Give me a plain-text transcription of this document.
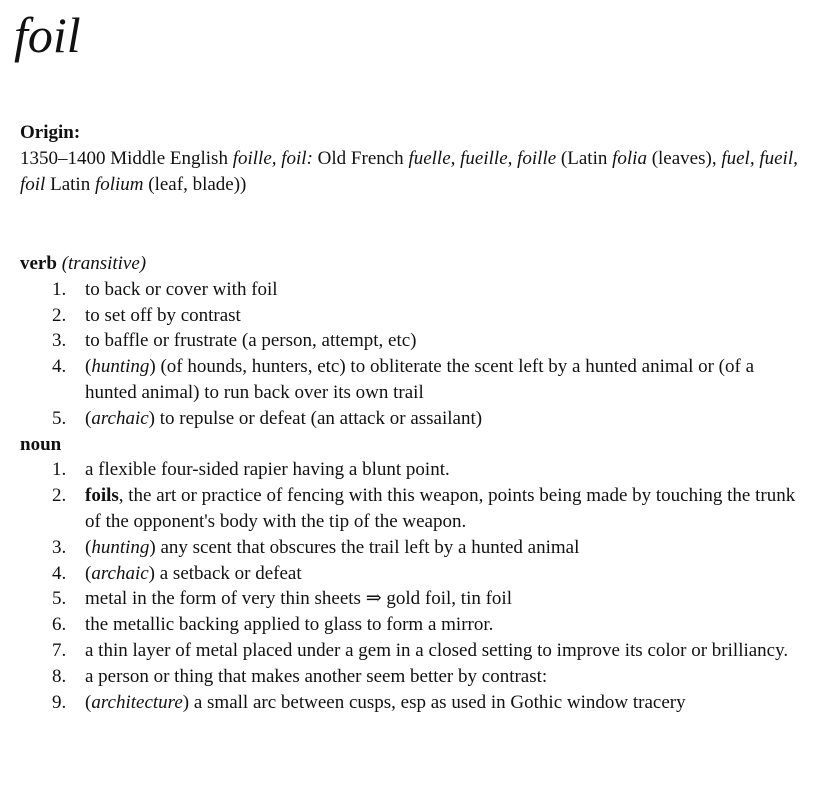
foil
Origin:
1350–1400 Middle English foille, foil: Old French fuelle, fueille, foille (Latin folia (leaves), fuel, fueil, foil Latin folium (leaf, blade))
verb (transitive)
1. to back or cover with foil
2. to set off by contrast
3. to baffle or frustrate (a person, attempt, etc)
4. (hunting) (of hounds, hunters, etc) to obliterate the scent left by a hunted animal or (of a hunted animal) to run back over its own trail
5. (archaic) to repulse or defeat (an attack or assailant)
noun
1. a flexible four-sided rapier having a blunt point.
2. foils, the art or practice of fencing with this weapon, points being made by touching the trunk of the opponent's body with the tip of the weapon.
3. (hunting) any scent that obscures the trail left by a hunted animal
4. (archaic) a setback or defeat
5. metal in the form of very thin sheets ⇒ gold foil, tin foil
6. the metallic backing applied to glass to form a mirror.
7. a thin layer of metal placed under a gem in a closed setting to improve its color or brilliancy.
8. a person or thing that makes another seem better by contrast:
9. (architecture) a small arc between cusps, esp as used in Gothic window tracery
